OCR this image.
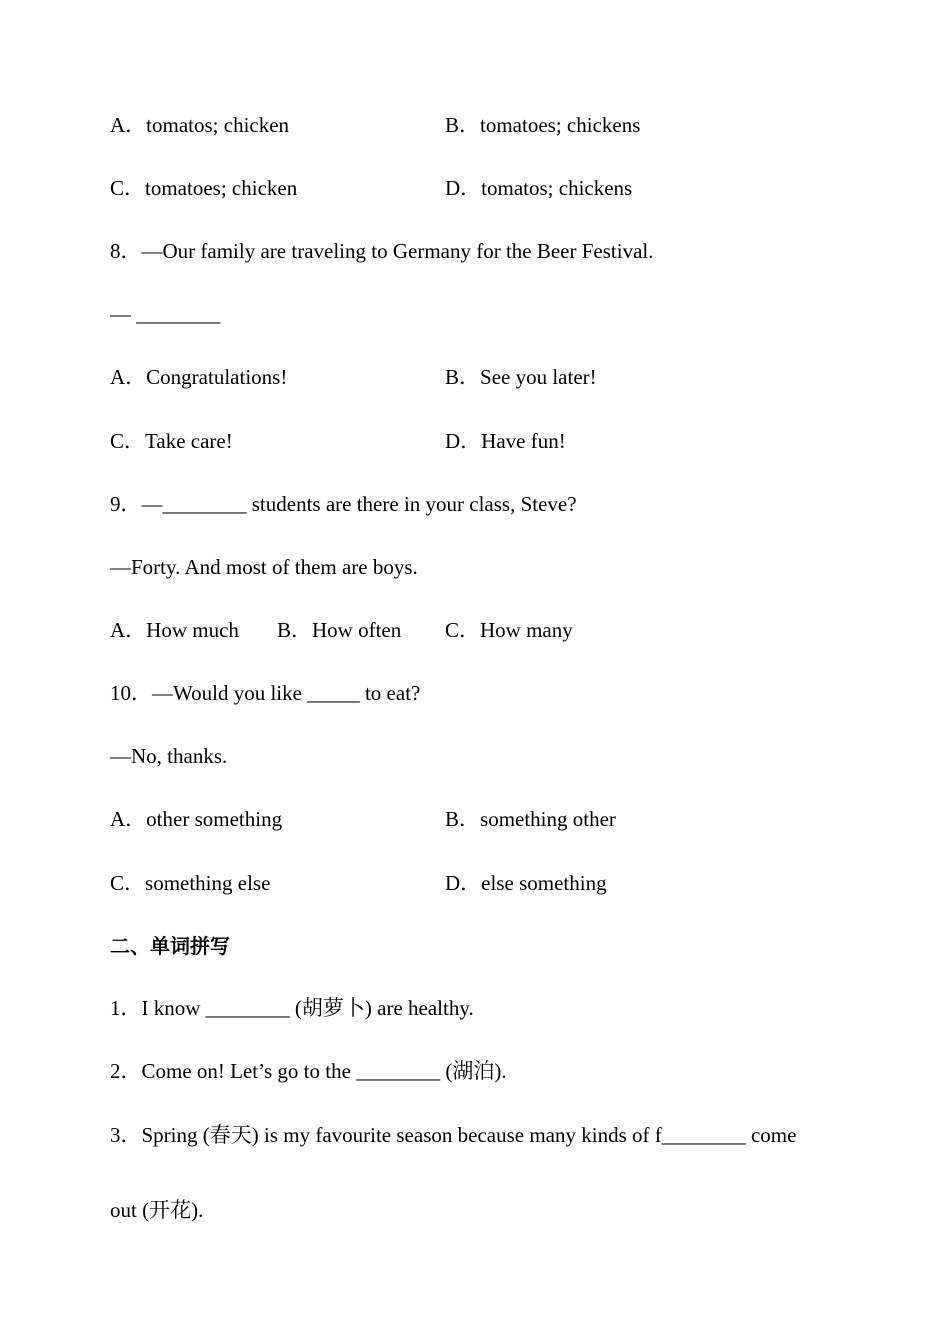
A．tomatos; chicken	B．tomatoes; chickens
C．tomatoes; chicken	D．tomatos; chickens
8．—Our family are traveling to Germany for the Beer Festival.
— ________
A．Congratulations!	B．See you later!
C．Take care!	D．Have fun!
9．—________ students are there in your class, Steve?
—Forty. And most of them are boys.
A．How much B．How often C．How many
10．—Would you like _____ to eat?
—No, thanks.
A．other something	B．something other
C．something else	D．else something
二、单词拼写
1．I know ________ (胡萝卜) are healthy.
2．Come on! Let’s go to the ________ (湖泊).
3．Spring (春天) is my favourite season because many kinds of f________ come
out (开花).
